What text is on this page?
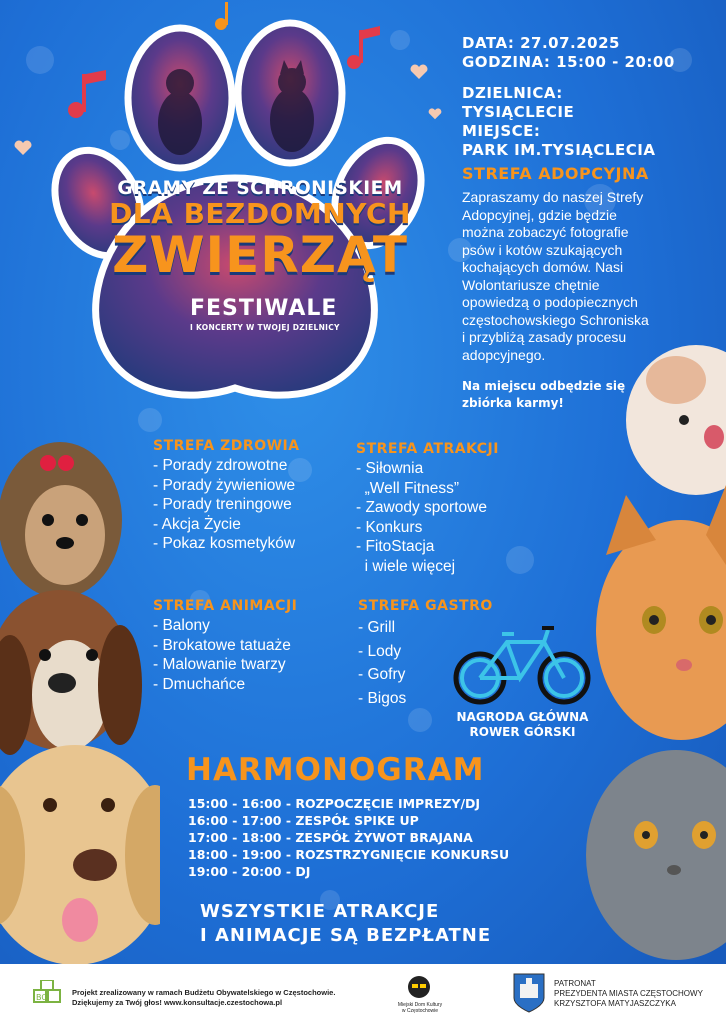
GRAMY ZE SCHRONISKIEM
DLA BEZDOMNYCH
ZWIERZĄT
FESTIWALE
I KONCERTY W TWOJEJ DZIELNICY
DATA: 27.07.2025
GODZINA: 15:00 - 20:00
DZIELNICA:
TYSIĄCLECIE
MIEJSCE:
PARK IM.TYSIĄCLECIA
STREFA ADOPCYJNA
Zapraszamy do naszej Strefy
Adopcyjnej, gdzie będzie
można zobaczyć fotografie
psów i kotów szukających
kochających domów. Nasi
Wolontariusze chętnie
opowiedzą o podopiecznych
częstochowskiego Schroniska
i przybliżą zasady procesu
adopcyjnego.
Na miejscu odbędzie się
zbiórka karmy!
STREFA ZDROWIA
- Porady zdrowotne
- Porady żywieniowe
- Porady treningowe
- Akcja Życie
- Pokaz kosmetyków
STREFA ATRAKCJI
- Siłownia
„Well Fitness”
- Zawody sportowe
- Konkurs
- FitoStacja
i wiele więcej
STREFA ANIMACJI
- Balony
- Brokatowe tatuaże
- Malowanie twarzy
- Dmuchańce
STREFA GASTRO
- Grill
- Lody
- Gofry
- Bigos
NAGRODA GŁÓWNA
ROWER GÓRSKI
HARMONOGRAM
15:00 - 16:00 - ROZPOCZĘCIE IMPREZY/DJ
16:00 - 17:00 - ZESPÓŁ SPIKE UP
17:00 - 18:00 - ZESPÓŁ ŻYWOT BRAJANA
18:00 - 19:00 - ROZSTRZYGNIĘCIE KONKURSU
19:00 - 20:00 - DJ
WSZYSTKIE ATRAKCJE
I ANIMACJE SĄ BEZPŁATNE
BO
Projekt zrealizowany w ramach Budżetu Obywatelskiego w Częstochowie.
Dziękujemy za Twój głos! www.konsultacje.czestochowa.pl	Miejski Dom Kultury
w Częstochowie
PATRONAT
PREZYDENTA MIASTA CZĘSTOCHOWY
KRZYSZTOFA MATYJASZCZYKA
